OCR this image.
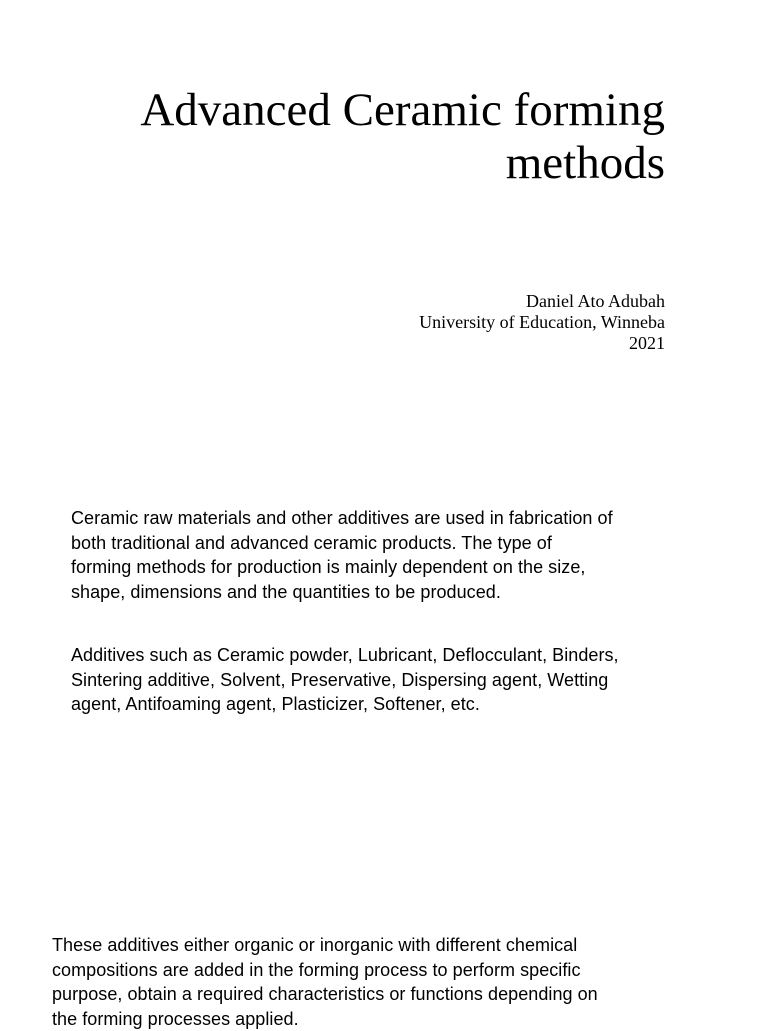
Advanced Ceramic forming
methods
Daniel Ato Adubah
University of Education, Winneba
2021
Ceramic raw materials and other additives are used in fabrication of
both traditional and advanced ceramic products. The type of
forming methods for production is mainly dependent on the size,
shape, dimensions and the quantities to be produced.
Additives such as Ceramic powder, Lubricant, Deflocculant, Binders,
Sintering additive, Solvent, Preservative, Dispersing agent, Wetting
agent, Antifoaming agent, Plasticizer, Softener, etc.
These additives either organic or inorganic with different chemical
compositions are added in the forming process to perform specific
purpose, obtain a required characteristics or functions depending on
the forming processes applied.
